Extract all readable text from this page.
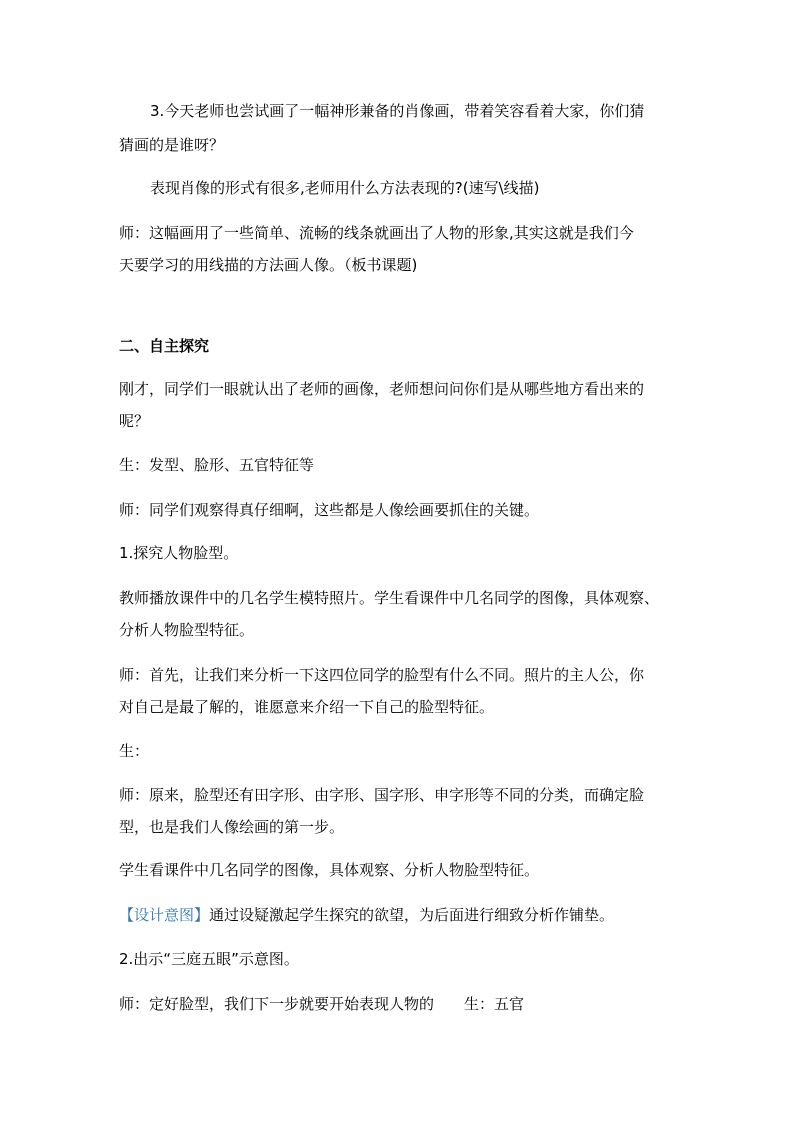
3.今天老师也尝试画了一幅神形兼备的肖像画，带着笑容看着大家，你们猜
猜画的是谁呀？
表现肖像的形式有很多,老师用什么方法表现的?(速写\线描)
师：这幅画用了一些简单、流畅的线条就画出了人物的形象,其实这就是我们今
天要学习的用线描的方法画人像。（板书课题)
二、自主探究
刚才，同学们一眼就认出了老师的画像，老师想问问你们是从哪些地方看出来的
呢？
生：发型、脸形、五官特征等
师：同学们观察得真仔细啊，这些都是人像绘画要抓住的关键。
1.探究人物脸型。
教师播放课件中的几名学生模特照片。学生看课件中几名同学的图像，具体观察、
分析人物脸型特征。
师：首先，让我们来分析一下这四位同学的脸型有什么不同。照片的主人公，你
对自己是最了解的，谁愿意来介绍一下自己的脸型特征。
生：
师：原来，脸型还有田字形、由字形、国字形、申字形等不同的分类，而确定脸
型，也是我们人像绘画的第一步。
学生看课件中几名同学的图像，具体观察、分析人物脸型特征。
【设计意图】通过设疑激起学生探究的欲望，为后面进行细致分析作铺垫。
2.出示“三庭五眼”示意图。
师：定好脸型，我们下一步就要开始表现人物的　　生：五官
